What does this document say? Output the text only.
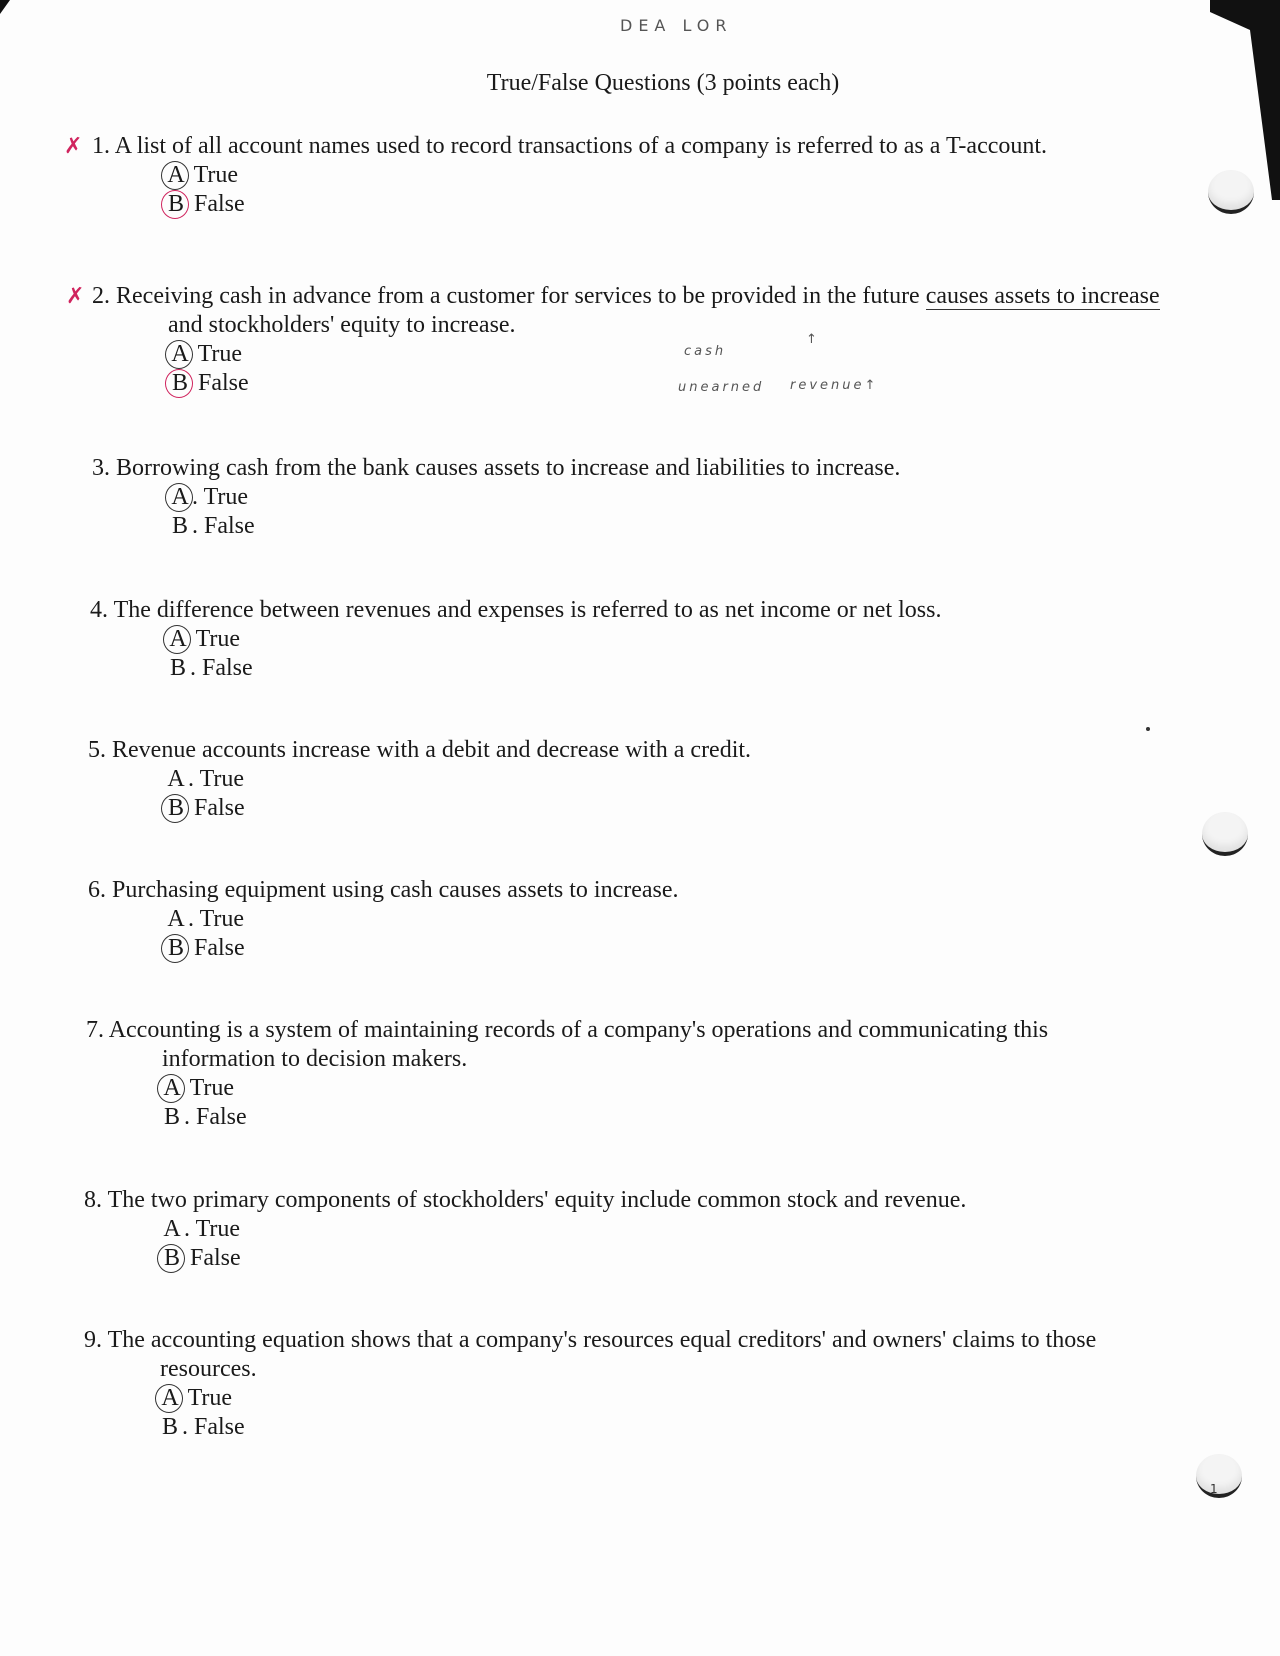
DEA LOR
True/False Questions (3 points each)
✗ 1. A list of all account names used to record transactions of a company is referred to as a T-account.
A True
B False
✗ 2. Receiving cash in advance from a customer for services to be provided in the future causes assets to increase
and stockholders' equity to increase.
A True
B False
cash
↑
unearned revenue↑
3. Borrowing cash from the bank causes assets to increase and liabilities to increase.
A . True
B . False
4. The difference between revenues and expenses is referred to as net income or net loss.
A True
B . False
5. Revenue accounts increase with a debit and decrease with a credit.
A . True
B False
6. Purchasing equipment using cash causes assets to increase.
A . True
B False
7. Accounting is a system of maintaining records of a company's operations and communicating this
information to decision makers.
A True
B . False
8. The two primary components of stockholders' equity include common stock and revenue.
A . True
B False
9. The accounting equation shows that a company's resources equal creditors' and owners' claims to those
resources.
A True
B . False
1
